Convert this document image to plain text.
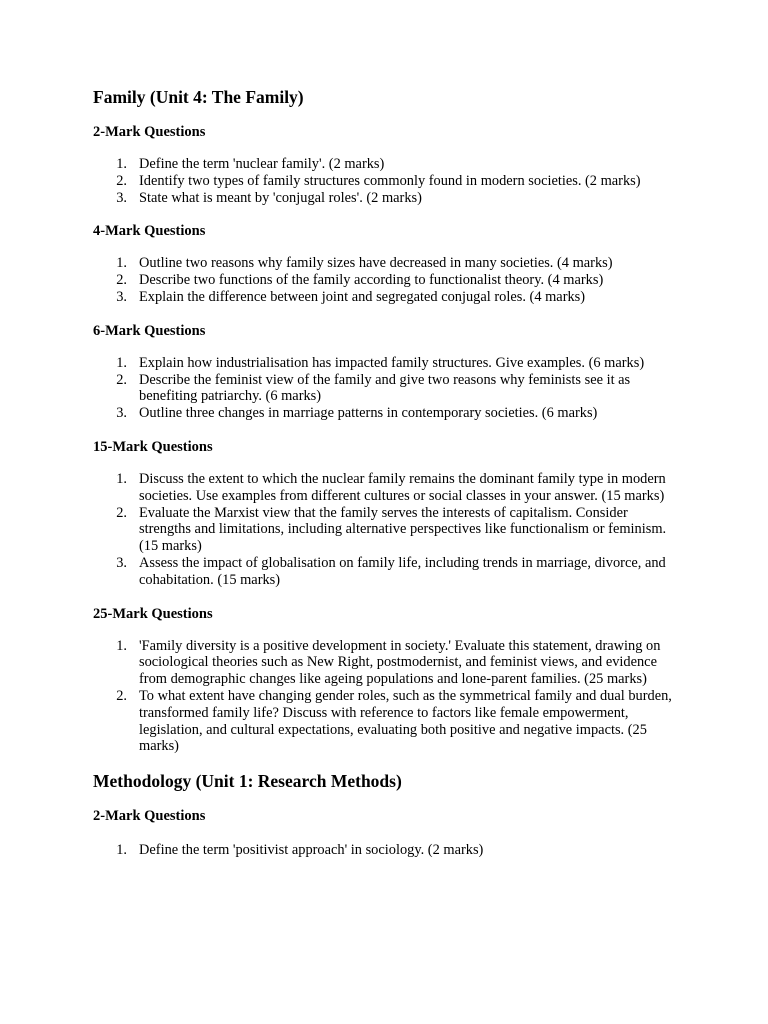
Family (Unit 4: The Family)
2-Mark Questions
1. Define the term 'nuclear family'. (2 marks)
2. Identify two types of family structures commonly found in modern societies. (2 marks)
3. State what is meant by 'conjugal roles'. (2 marks)
4-Mark Questions
1. Outline two reasons why family sizes have decreased in many societies. (4 marks)
2. Describe two functions of the family according to functionalist theory. (4 marks)
3. Explain the difference between joint and segregated conjugal roles. (4 marks)
6-Mark Questions
1. Explain how industrialisation has impacted family structures. Give examples. (6 marks)
2. Describe the feminist view of the family and give two reasons why feminists see it as benefiting patriarchy. (6 marks)
3. Outline three changes in marriage patterns in contemporary societies. (6 marks)
15-Mark Questions
1. Discuss the extent to which the nuclear family remains the dominant family type in modern societies. Use examples from different cultures or social classes in your answer. (15 marks)
2. Evaluate the Marxist view that the family serves the interests of capitalism. Consider strengths and limitations, including alternative perspectives like functionalism or feminism. (15 marks)
3. Assess the impact of globalisation on family life, including trends in marriage, divorce, and cohabitation. (15 marks)
25-Mark Questions
1. 'Family diversity is a positive development in society.' Evaluate this statement, drawing on sociological theories such as New Right, postmodernist, and feminist views, and evidence from demographic changes like ageing populations and lone-parent families. (25 marks)
2. To what extent have changing gender roles, such as the symmetrical family and dual burden, transformed family life? Discuss with reference to factors like female empowerment, legislation, and cultural expectations, evaluating both positive and negative impacts. (25 marks)
Methodology (Unit 1: Research Methods)
2-Mark Questions
1. Define the term 'positivist approach' in sociology. (2 marks)
